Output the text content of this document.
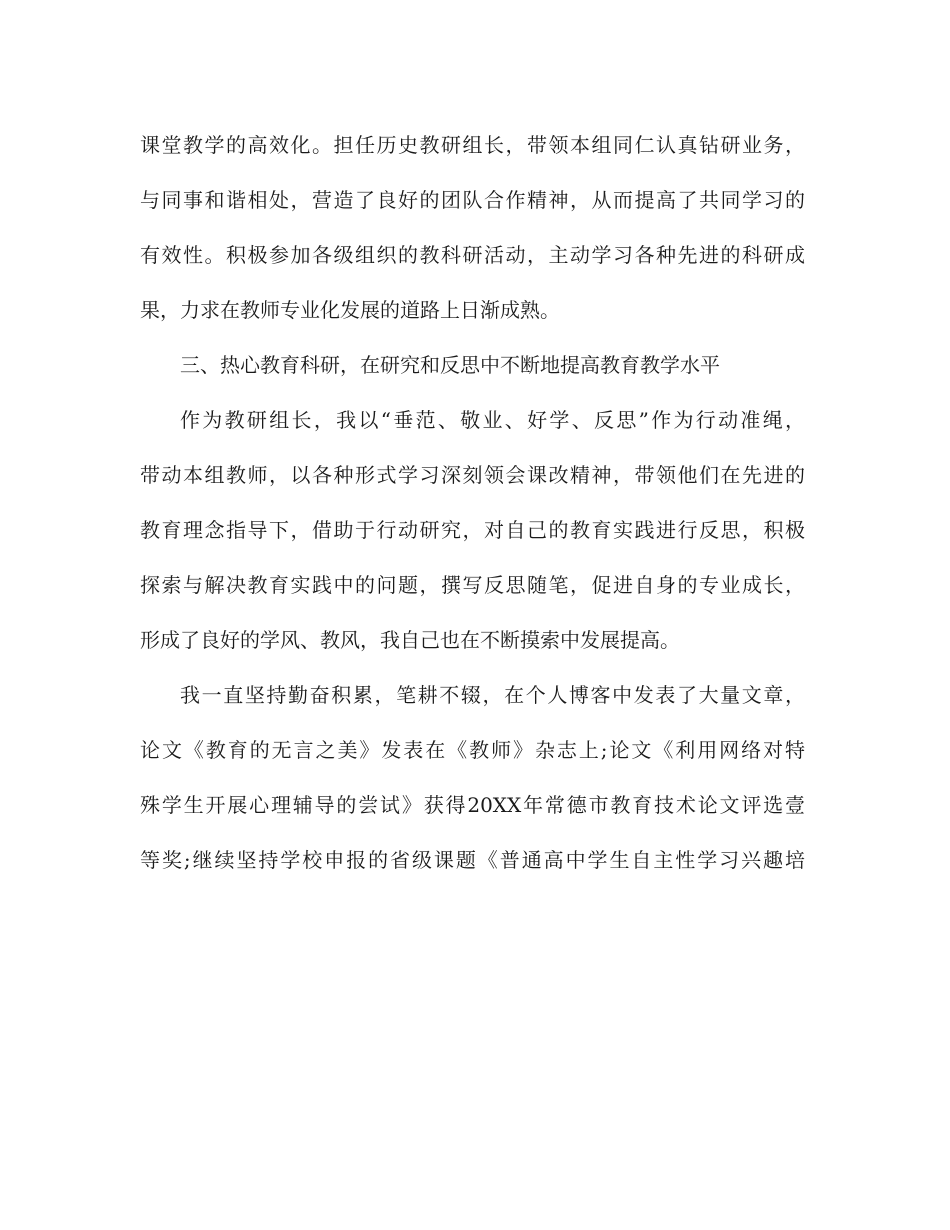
课堂教学的高效化。担任历史教研组长，带领本组同仁认真钻研业务，
与同事和谐相处，营造了良好的团队合作精神，从而提高了共同学习的
有效性。积极参加各级组织的教科研活动，主动学习各种先进的科研成
果，力求在教师专业化发展的道路上日渐成熟。
三、热心教育科研，在研究和反思中不断地提高教育教学水平
作为教研组长，我以“垂范、敬业、好学、反思”作为行动准绳，
带动本组教师，以各种形式学习深刻领会课改精神，带领他们在先进的
教育理念指导下，借助于行动研究，对自己的教育实践进行反思，积极
探索与解决教育实践中的问题，撰写反思随笔，促进自身的专业成长，
形成了良好的学风、教风，我自己也在不断摸索中发展提高。
我一直坚持勤奋积累，笔耕不辍，在个人博客中发表了大量文章，
论文《教育的无言之美》发表在《教师》杂志上;论文《利用网络对特
殊学生开展心理辅导的尝试》获得20XX年常德市教育技术论文评选壹
等奖;继续坚持学校申报的省级课题《普通高中学生自主性学习兴趣培
